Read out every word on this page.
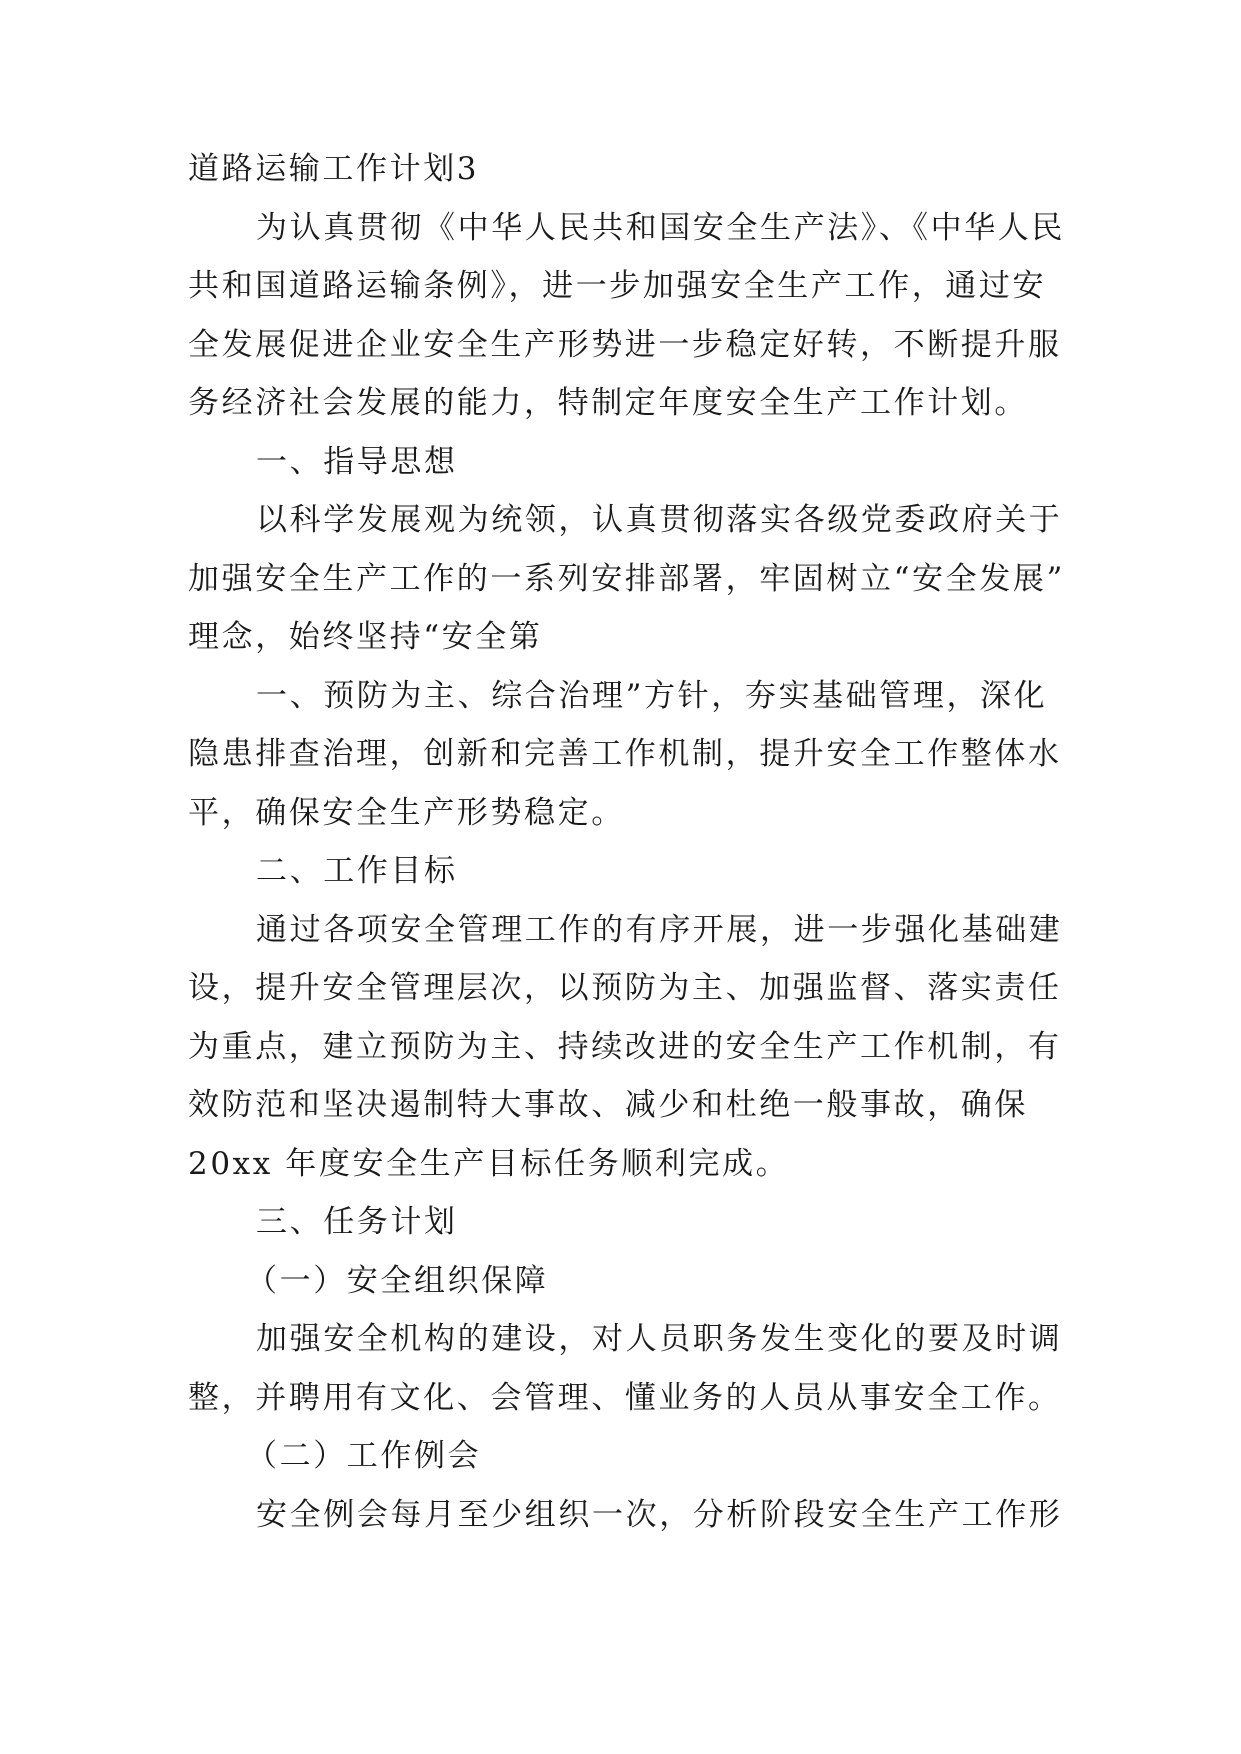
道路运输工作计划3
为认真贯彻《中华人民共和国安全生产法》、《中华人民
共和国道路运输条例》，进一步加强安全生产工作，通过安
全发展促进企业安全生产形势进一步稳定好转，不断提升服
务经济社会发展的能力，特制定年度安全生产工作计划。
一、指导思想
以科学发展观为统领，认真贯彻落实各级党委政府关于
加强安全生产工作的一系列安排部署，牢固树立“安全发展”
理念，始终坚持“安全第
一、预防为主、综合治理”方针，夯实基础管理，深化
隐患排查治理，创新和完善工作机制，提升安全工作整体水
平，确保安全生产形势稳定。
二、工作目标
通过各项安全管理工作的有序开展，进一步强化基础建
设，提升安全管理层次，以预防为主、加强监督、落实责任
为重点，建立预防为主、持续改进的安全生产工作机制，有
效防范和坚决遏制特大事故、减少和杜绝一般事故，确保
20xx 年度安全生产目标任务顺利完成。
三、任务计划
（一）安全组织保障
加强安全机构的建设，对人员职务发生变化的要及时调
整，并聘用有文化、会管理、懂业务的人员从事安全工作。
（二）工作例会
安全例会每月至少组织一次，分析阶段安全生产工作形
